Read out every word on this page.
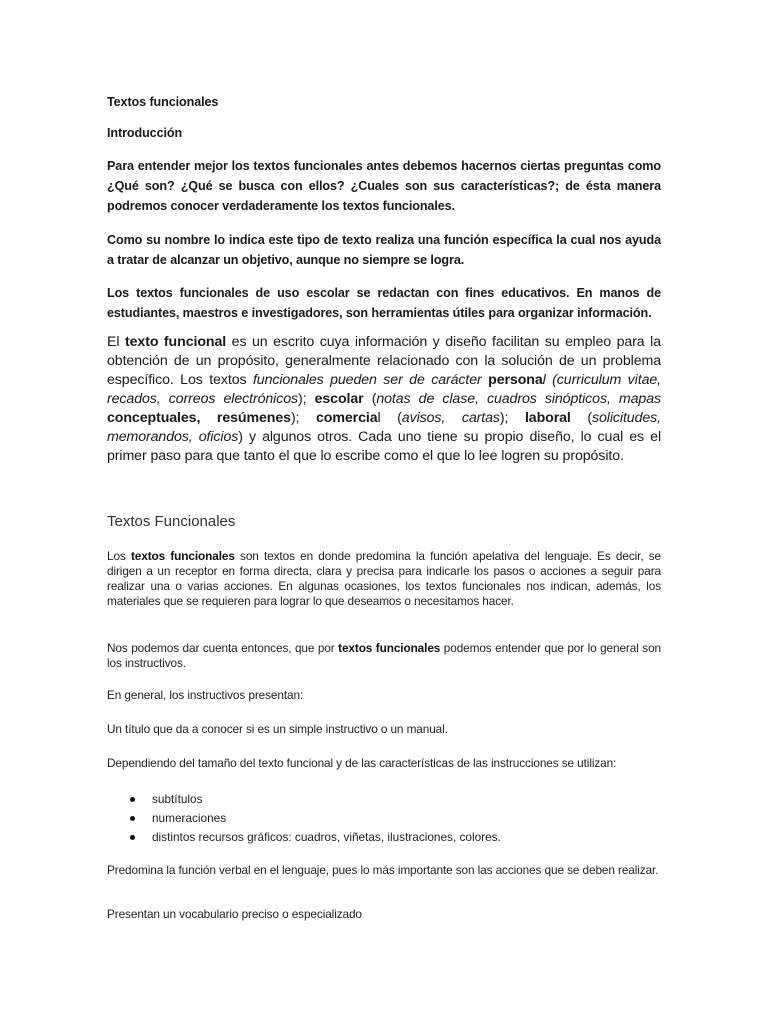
Textos funcionales
Introducción

Para entender mejor los textos funcionales antes debemos hacernos ciertas preguntas como ¿Qué son? ¿Qué se busca con ellos? ¿Cuales son sus características?; de ésta manera podremos conocer verdaderamente los textos funcionales.

Como su nombre lo indica este tipo de texto realiza una función específica la cual nos ayuda a tratar de alcanzar un objetivo, aunque no siempre se logra.

Los textos funcionales de uso escolar se redactan con fines educativos. En manos de estudiantes, maestros e investigadores, son herramientas útiles para organizar información.

El texto funcional es un escrito cuya información y diseño facilitan su empleo para la obtención de un propósito, generalmente relacionado con la solución de un problema específico. Los textos funcionales pueden ser de carácter personal (curriculum vitae, recados, correos electrónicos); escolar (notas de clase, cuadros sinópticos, mapas conceptuales, resúmenes); comercial (avisos, cartas); laboral (solicitudes, memorandos, oficios) y algunos otros. Cada uno tiene su propio diseño, lo cual es el primer paso para que tanto el que lo escribe como el que lo lee logren su propósito.

Textos Funcionales

Los textos funcionales son textos en donde predomina la función apelativa del lenguaje. Es decir, se dirigen a un receptor en forma directa, clara y precisa para indicarle los pasos o acciones a seguir para realizar una o varias acciones. En algunas ocasiones, los textos funcionales nos indican, además, los materiales que se requieren para lograr lo que deseamos o necesitamos hacer.

Nos podemos dar cuenta entonces, que por textos funcionales podemos entender que por lo general son los instructivos.

En general, los instructivos presentan:

Un título que da a conocer si es un simple instructivo o un manual.

Dependiendo del tamaño del texto funcional y de las características de las instrucciones se utilizan:

subtítulos
numeraciones
distintos recursos gráficos: cuadros, viñetas, ilustraciones, colores.

Predomina la función verbal en el lenguaje, pues lo más importante son las acciones que se deben realizar.

Presentan un vocabulario preciso o especializado
